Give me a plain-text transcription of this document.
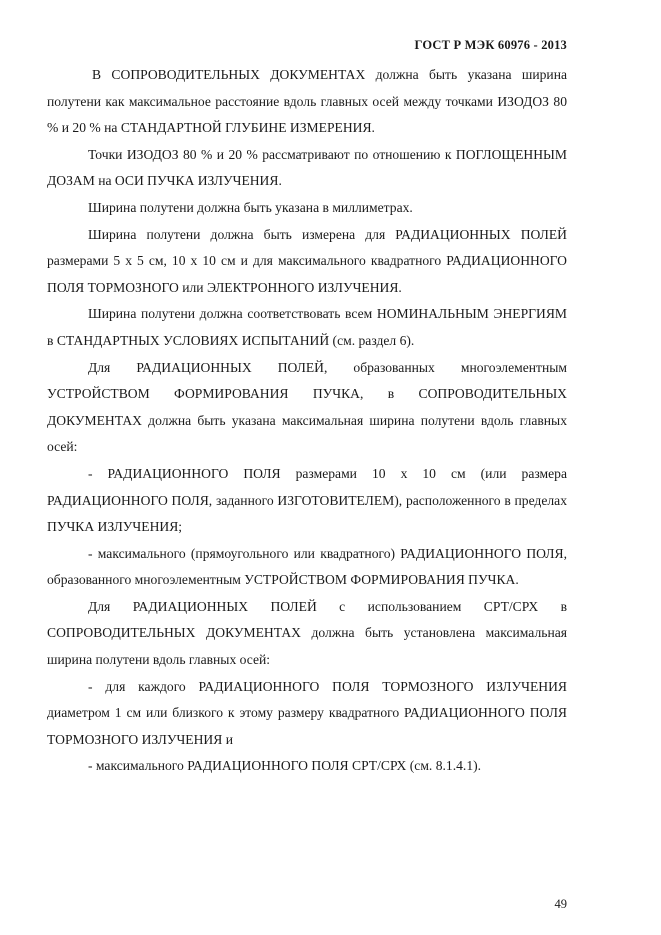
ГОСТ Р МЭК 60976 - 2013

В СОПРОВОДИТЕЛЬНЫХ ДОКУМЕНТАХ должна быть указана ширина полутени как максимальное расстояние вдоль главных осей между точками ИЗОДОЗ 80 % и 20 % на СТАНДАРТНОЙ ГЛУБИНЕ ИЗМЕРЕНИЯ.

Точки ИЗОДОЗ 80 % и 20 % рассматривают по отношению к ПОГЛОЩЕННЫМ ДОЗАМ на ОСИ ПУЧКА ИЗЛУЧЕНИЯ.

Ширина полутени должна быть указана в миллиметрах.

Ширина полутени должна быть измерена для РАДИАЦИОННЫХ ПОЛЕЙ размерами 5 х 5 см, 10 х 10 см и для максимального квадратного РАДИАЦИОННОГО ПОЛЯ ТОРМОЗНОГО или ЭЛЕКТРОННОГО ИЗЛУЧЕНИЯ.

Ширина полутени должна соответствовать всем НОМИНАЛЬНЫМ ЭНЕРГИЯМ в СТАНДАРТНЫХ УСЛОВИЯХ ИСПЫТАНИЙ (см. раздел 6).

Для РАДИАЦИОННЫХ ПОЛЕЙ, образованных многоэлементным УСТРОЙСТВОМ ФОРМИРОВАНИЯ ПУЧКА, в СОПРОВОДИТЕЛЬНЫХ ДОКУМЕНТАХ должна быть указана максимальная ширина полутени вдоль главных осей:

- РАДИАЦИОННОГО ПОЛЯ размерами 10 х 10 см (или размера РАДИАЦИОННОГО ПОЛЯ, заданного ИЗГОТОВИТЕЛЕМ), расположенного в пределах ПУЧКА ИЗЛУЧЕНИЯ;

- максимального (прямоугольного или квадратного) РАДИАЦИОННОГО ПОЛЯ, образованного многоэлементным УСТРОЙСТВОМ ФОРМИРОВАНИЯ ПУЧКА.

Для РАДИАЦИОННЫХ ПОЛЕЙ с использованием СРТ/СРХ в СОПРОВОДИТЕЛЬНЫХ ДОКУМЕНТАХ должна быть установлена максимальная ширина полутени вдоль главных осей:

- для каждого РАДИАЦИОННОГО ПОЛЯ ТОРМОЗНОГО ИЗЛУЧЕНИЯ диаметром 1 см или близкого к этому размеру квадратного РАДИАЦИОННОГО ПОЛЯ ТОРМОЗНОГО ИЗЛУЧЕНИЯ и

- максимального РАДИАЦИОННОГО ПОЛЯ СРТ/СРХ (см. 8.1.4.1).

49
